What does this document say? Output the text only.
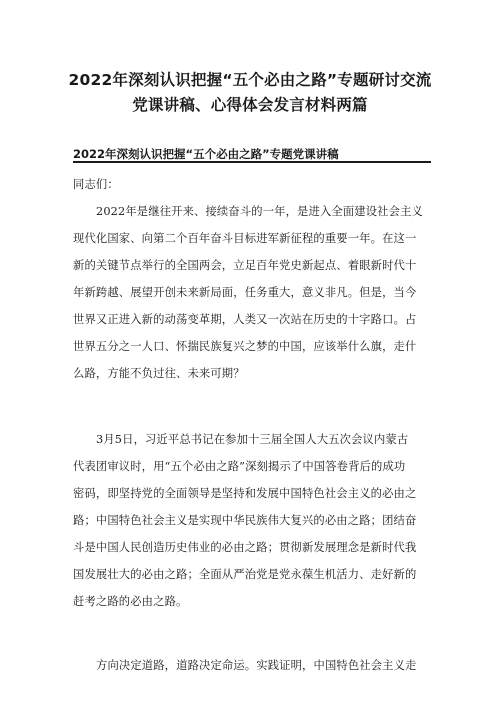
2022年深刻认识把握“五个必由之路”专题研讨交流
党课讲稿、心得体会发言材料两篇
2022年深刻认识把握“五个必由之路”专题党课讲稿

同志们：

2022年是继往开来、接续奋斗的一年，是进入全面建设社会主义

现代化国家、向第二个百年奋斗目标进军新征程的重要一年。在这一

新的关键节点举行的全国两会，立足百年党史新起点、着眼新时代十

年新跨越、展望开创未来新局面，任务重大，意义非凡。但是，当今

世界又正进入新的动荡变革期，人类又一次站在历史的十字路口。占

世界五分之一人口、怀揣民族复兴之梦的中国，应该举什么旗，走什

么路，方能不负过往、未来可期？

3月5日，习近平总书记在参加十三届全国人大五次会议内蒙古

代表团审议时，用“五个必由之路”深刻揭示了中国答卷背后的成功

密码，即坚持党的全面领导是坚持和发展中国特色社会主义的必由之

路；中国特色社会主义是实现中华民族伟大复兴的必由之路；团结奋

斗是中国人民创造历史伟业的必由之路；贯彻新发展理念是新时代我

国发展壮大的必由之路；全面从严治党是党永葆生机活力、走好新的

赶考之路的必由之路。

方向决定道路，道路决定命运。实践证明，中国特色社会主义走
